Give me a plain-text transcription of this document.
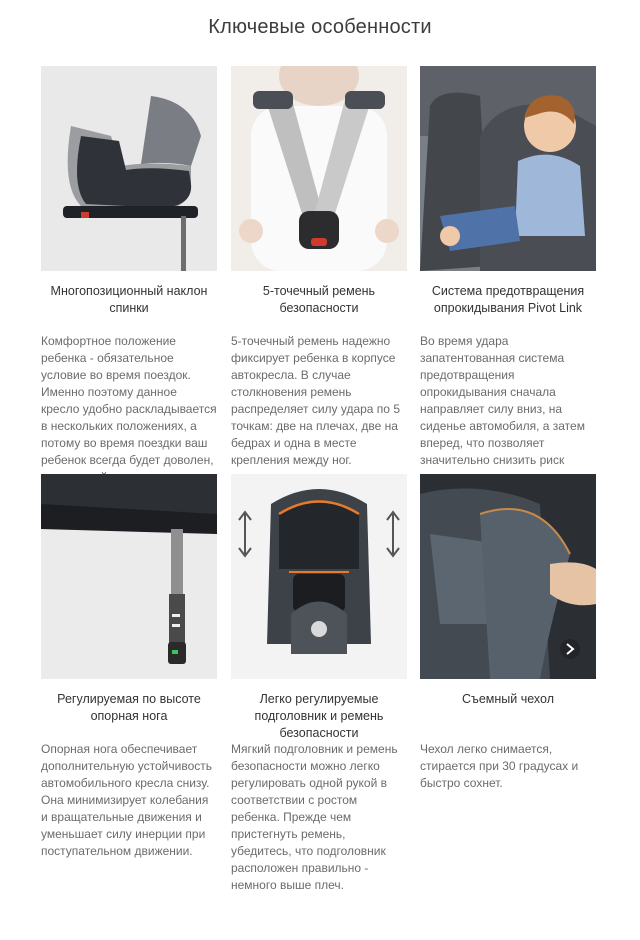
Ключевые особенности
Многопозиционный наклон спинки
Комфортное положение ребенка - обязательное условие во время поездок. Именно поэтому данное кресло удобно раскладывается в нескольких положениях, а потому во время поездки ваш ребенок всегда будет доволен,
5-точечный ремень безопасности
5-точечный ремень надежно фиксирует ребенка в корпусе автокресла. В случае столкновения ремень распределяет силу удара по 5 точкам: две на плечах, две на бедрах и одна в месте крепления между ног.
Система предотвращения опрокидывания Pivot Link
Во время удара запатентованная система предотвращения опрокидывания сначала направляет силу вниз, на сиденье автомобиля, а затем вперед, что позволяет значительно снизить риск
Регулируемая по высоте опорная нога
Опорная нога обеспечивает дополнительную устойчивость автомобильного кресла снизу. Она минимизирует колебания и вращательные движения и уменьшает силу инерции при поступательном движении.
Легко регулируемые подголовник и ремень безопасности
Мягкий подголовник и ремень безопасности можно легко регулировать одной рукой в соответствии с ростом ребенка. Прежде чем пристегнуть ремень, убедитесь, что подголовник расположен правильно - немного выше плеч.
Съемный чехол
Чехол легко снимается, стирается при 30 градусах и быстро сохнет.
